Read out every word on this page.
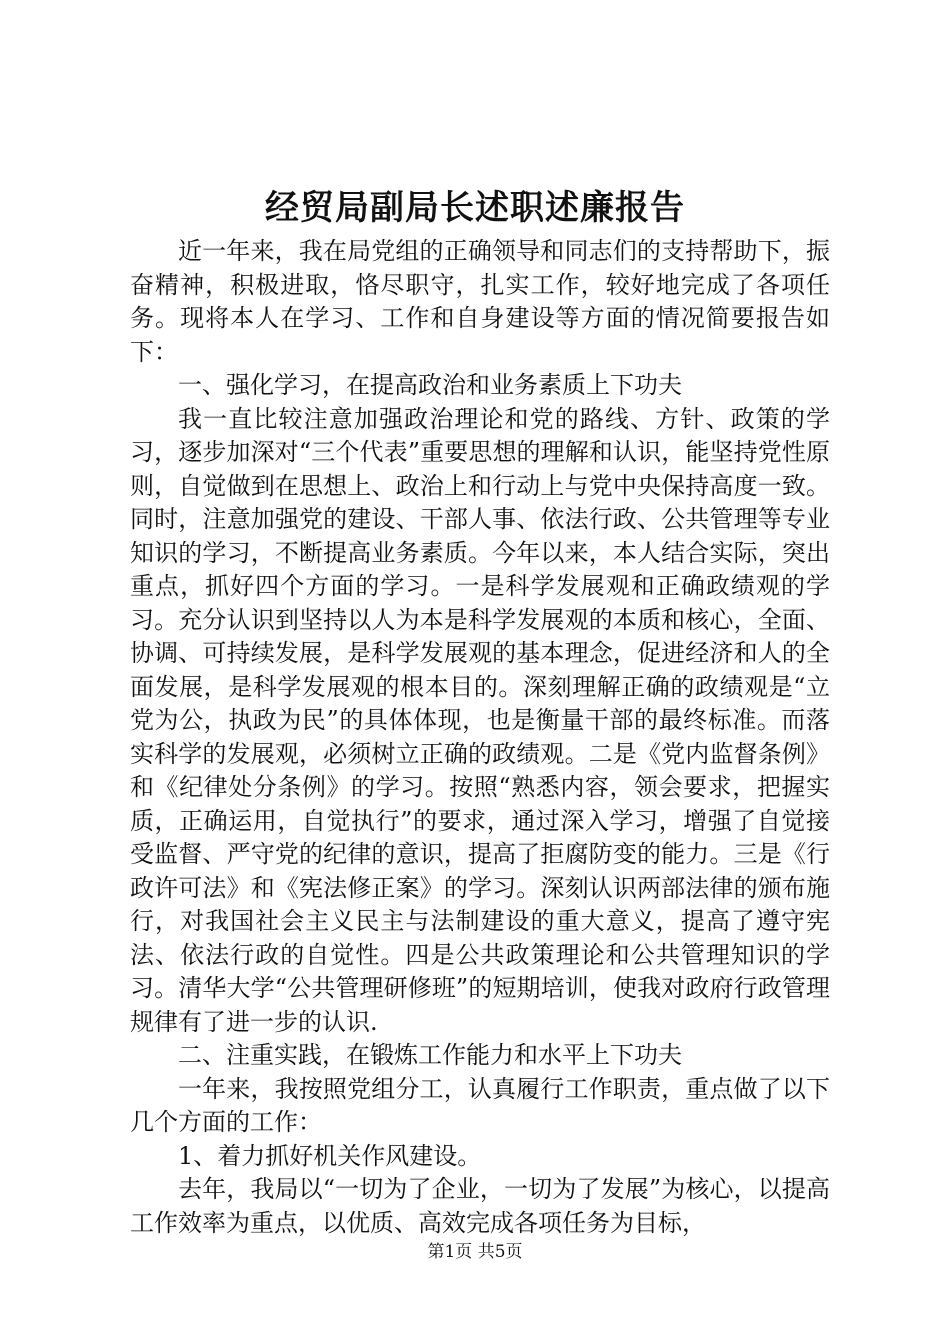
经贸局副局长述职述廉报告

近一年来，我在局党组的正确领导和同志们的支持帮助下，振奋精神，积极进取，恪尽职守，扎实工作，较好地完成了各项任务。现将本人在学习、工作和自身建设等方面的情况简要报告如下：

一、强化学习，在提高政治和业务素质上下功夫

我一直比较注意加强政治理论和党的路线、方针、政策的学习，逐步加深对“三个代表”重要思想的理解和认识，能坚持党性原则，自觉做到在思想上、政治上和行动上与党中央保持高度一致。同时，注意加强党的建设、干部人事、依法行政、公共管理等专业知识的学习，不断提高业务素质。今年以来，本人结合实际，突出重点，抓好四个方面的学习。一是科学发展观和正确政绩观的学习。充分认识到坚持以人为本是科学发展观的本质和核心，全面、协调、可持续发展，是科学发展观的基本理念，促进经济和人的全面发展，是科学发展观的根本目的。深刻理解正确的政绩观是“立党为公，执政为民”的具体体现，也是衡量干部的最终标准。而落实科学的发展观，必须树立正确的政绩观。二是《党内监督条例》和《纪律处分条例》的学习。按照“熟悉内容，领会要求，把握实质，正确运用，自觉执行”的要求，通过深入学习，增强了自觉接受监督、严守党的纪律的意识，提高了拒腐防变的能力。三是《行政许可法》和《宪法修正案》的学习。深刻认识两部法律的颁布施行，对我国社会主义民主与法制建设的重大意义，提高了遵守宪法、依法行政的自觉性。四是公共政策理论和公共管理知识的学习。清华大学“公共管理研修班”的短期培训，使我对政府行政管理规律有了进一步的认识.

二、注重实践，在锻炼工作能力和水平上下功夫

一年来，我按照党组分工，认真履行工作职责，重点做了以下几个方面的工作：

1、着力抓好机关作风建设。

去年，我局以“一切为了企业，一切为了发展”为核心，以提高工作效率为重点，以优质、高效完成各项任务为目标，

第1页 共5页
